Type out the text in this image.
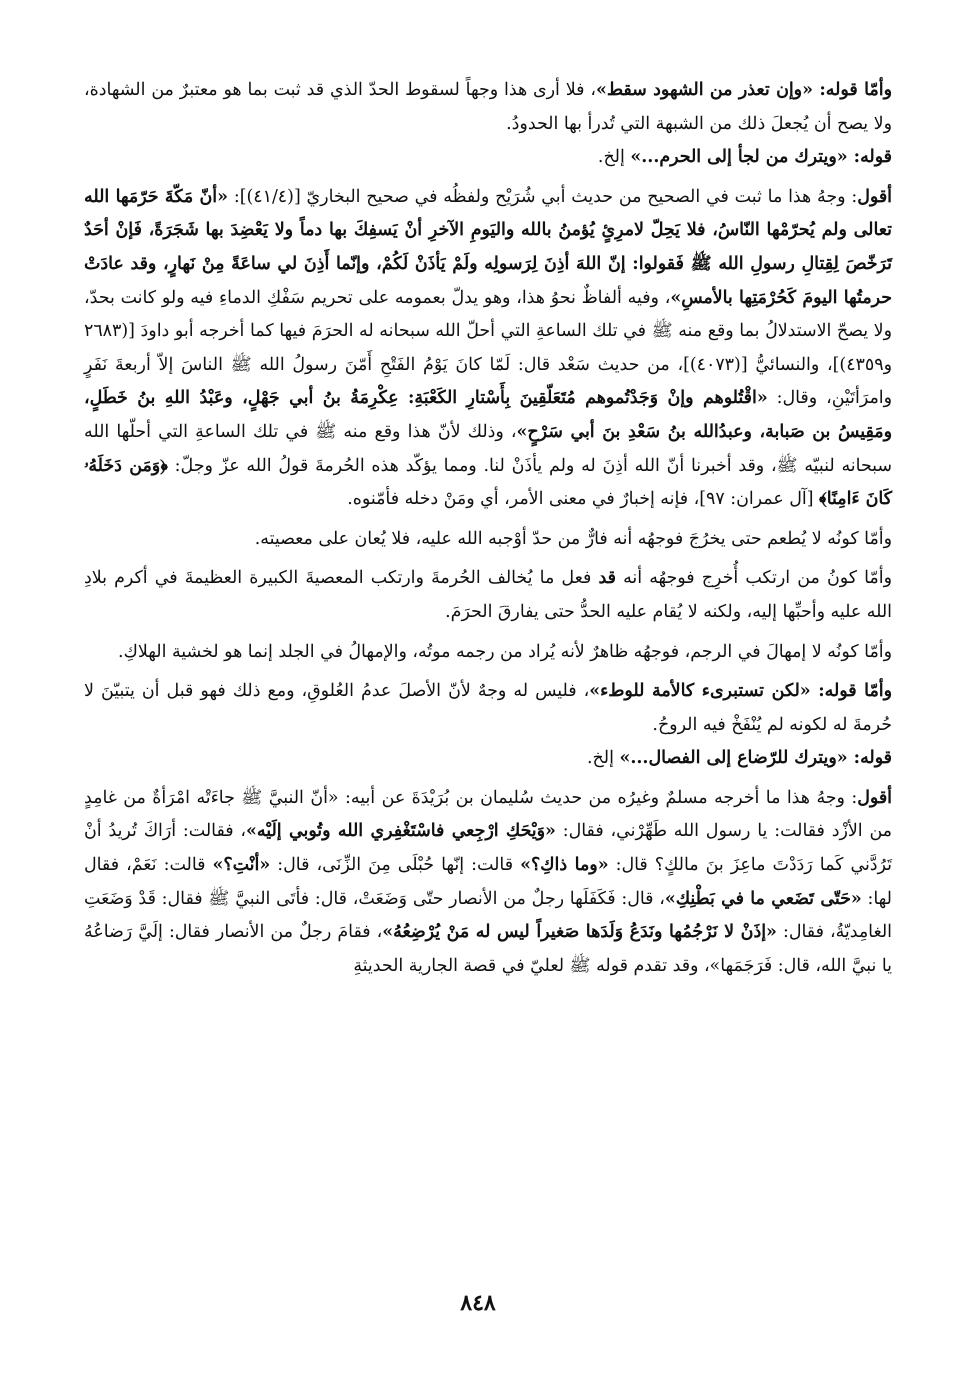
وأمّا قوله: «وإن تعذر من الشهود سقط»، فلا أرى هذا وجهاً لسقوط الحدّ الذي قد ثبت بما هو معتبرٌ من الشهادة، ولا يصح أن يُجعلَ ذلك من الشبهة التي تُدرأ بها الحدودُ.

قوله: «ويترك من لجأ إلى الحرم...» إلخ.

أقول: وجهُ هذا ما ثبت في الصحيح من حديث أبي شُرَيْح ولفظُه في صحيح البخاريّ [(٤١/٤)]: «أنّ مَكّةَ حَرّمَها الله تعالى ولم يُحرّمْها النّاسُ، فلا يَحِلّ لامرِئٍ يُؤمنُ بالله واليَومِ الآخرِ أنْ يَسفِكَ بها دماً ولا يَعْضِدَ بها شَجَرَةً، فَإنْ أحَدٌ تَرَخّصَ لِقِتالِ رسولِ الله ﷺ فَقولوا: إنّ اللهَ أذِنَ لِرَسولِه ولَمْ يَأذَنْ لَكُمْ، وإنّما أَذِنَ لي ساعَةً مِنْ نَهارٍ، وقد عادَتْ حرمتُها اليومَ كَحُرْمَتِها بالأمسِ»، وفيه ألفاظٌ نحوُ هذا، وهو يدلّ بعمومه على تحريم سَفْكِ الدماءِ فيه ولو كانت بحدّ، ولا يصحّ الاستدلالُ بما وقع منه ﷺ في تلك الساعةِ التي أحلّ الله سبحانه له الحرَمَ فيها كما أخرجه أبو داودَ [(٢٦٨٣ و٤٣٥٩)]، والنسائيُّ [(٤٠٧٣)]، من حديث سَعْد قال: لَمّا كانَ يَوْمُ الفَتْحِ أَمّنَ رسولُ الله ﷺ الناسَ إلاّ أربعةَ نَفَرٍ وامرَأتَيْنِ، وقال: «اقْتُلوهم وإنْ وَجَدْتُموهم مُتَعَلّقِينَ بِأَسْتارِ الكَعْبَةِ: عِكْرِمَةُ بنُ أبي جَهْلٍ، وعَبْدُ اللهِ بنُ خَطَلٍ، ومَقِيسُ بن صَبابة، وعبدُالله بنُ سَعْدِ بنَ أبي سَرْحٍ»، وذلك لأنّ هذا وقع منه ﷺ في تلك الساعةِ التي أحلّها الله سبحانه لنبيّه ﷺ، وقد أخبرنا أنّ الله أذِنَ له ولم يأذَنْ لنا. ومما يؤكّد هذه الحُرمةَ قولُ الله عزّ وجلّ: ﴿وَمَن دَخَلَهُۥ كَانَ ءَامِنًا﴾ [آل عمران: ٩٧]، فإنه إخبارٌ في معنى الأمر، أي ومَنْ دخله فأمّنوه.

وأمّا كونُه لا يُطعم حتى يخرُجَ فوجهُه أنه فارٌّ من حدّ أوْجبه الله عليه، فلا يُعان على معصيته.

وأمّا كونُ من ارتكب أُخرِج فوجهُه أنه قد فعل ما يُخالف الحُرمةَ وارتكب المعصيةَ الكبيرة العظيمةَ في أكرم بلادِ الله عليه وأحبِّها إليه، ولكنه لا يُقام عليه الحدُّ حتى يفارقَ الحرَمَ.

وأمّا كونُه لا إمهالَ في الرجم، فوجهُه ظاهرٌ لأنه يُراد من رجمه موتُه، والإمهالُ في الجلد إنما هو لخشية الهلاكِ.

وأمّا قوله: «لكن تستبرىء كالأمة للوطء»، فليس له وجهٌ لأنّ الأصلَ عدمُ العُلوقِ، ومع ذلك فهو قبل أن يتبيّنَ لا حُرمةَ له لكونه لم يُنْفَخْ فيه الروحُ.

قوله: «ويترك للرّضاع إلى الفصال...» إلخ.

أقول: وجهُ هذا ما أخرجه مسلمٌ وغيرُه من حديث سُليمان بن بُرَيْدَةَ عن أبيه: «أنّ النبيَّ ﷺ جاءَتْه امْرَأةٌ من غامِدٍ من الأزْد فقالت: يا رسول الله طَهِّرْني، فقال: «وَيْحَكِ ارْجِعي فاسْتَغْفِري الله وتُوبي إلَيْه»، فقالت: أرَاكَ تُريدُ أنْ تَرُدَّني كَما رَدَدْتَ ماعِزَ بنَ مالكٍ؟ قال: «وما ذاكِ؟» قالت: إنّها حُبْلَى مِنَ الزِّنَى، قال: «أنْتِ؟» قالت: نَعَمْ، فقال لها: «حَتّى تَضَعي ما في بَطْنِكِ»، قال: فَكَفَلَها رجلٌ من الأنصار حتّى وَضَعَتْ، قال: فأتَى النبيَّ ﷺ فقال: قَدْ وَضَعَتِ الغامِديّةُ، فقال: «إذَنْ لا نَرْجُمُها ونَدَعُ وَلَدَها صَغيراً ليس له مَنْ يُرْضِعُهُ»، فقامَ رجلٌ من الأنصار فقال: إلَيَّ رَضاعُهُ يا نبيَّ الله، قال: فَرَجَمَها»، وقد تقدم قوله ﷺ لعليّ في قصة الجارية الحديثةِ

٨٤٨
